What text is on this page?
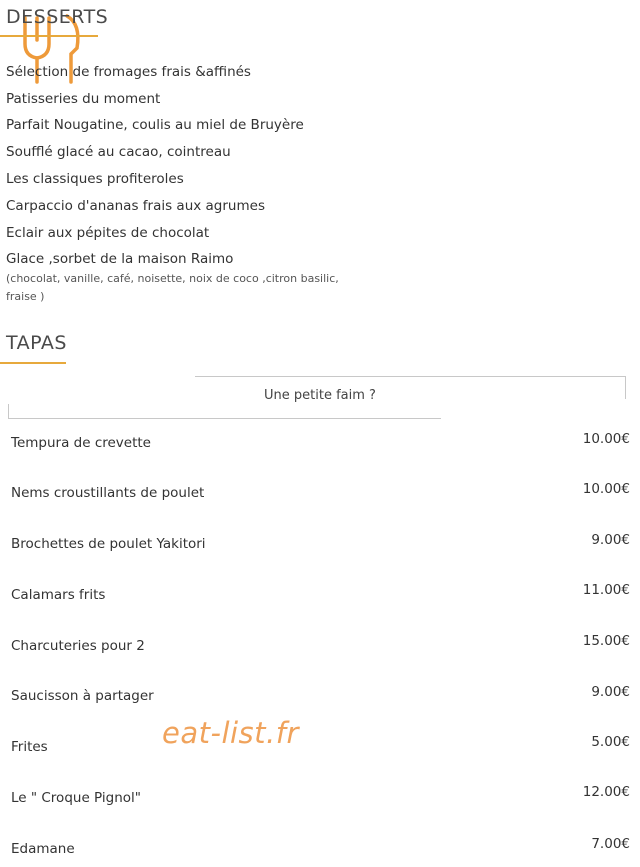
DESSERTS
Sélection de fromages frais &affinés
Patisseries du moment
Parfait Nougatine, coulis au miel de Bruyère
Soufflé glacé au cacao, cointreau
Les classiques profiteroles
Carpaccio d'ananas frais aux agrumes
Eclair aux pépites de chocolat
Glace ,sorbet de la maison Raimo
(chocolat, vanille, café, noisette, noix de coco ,citron basilic, fraise )
TAPAS
Une petite faim ?
Tempura de crevette	10.00€
Nems croustillants de poulet	10.00€
Brochettes de poulet Yakitori	9.00€
Calamars frits	11.00€
Charcuteries pour 2	15.00€
Saucisson à partager	9.00€
Frites	5.00€
Le " Croque Pignol"	12.00€
Edamane	7.00€
eat-list.fr
